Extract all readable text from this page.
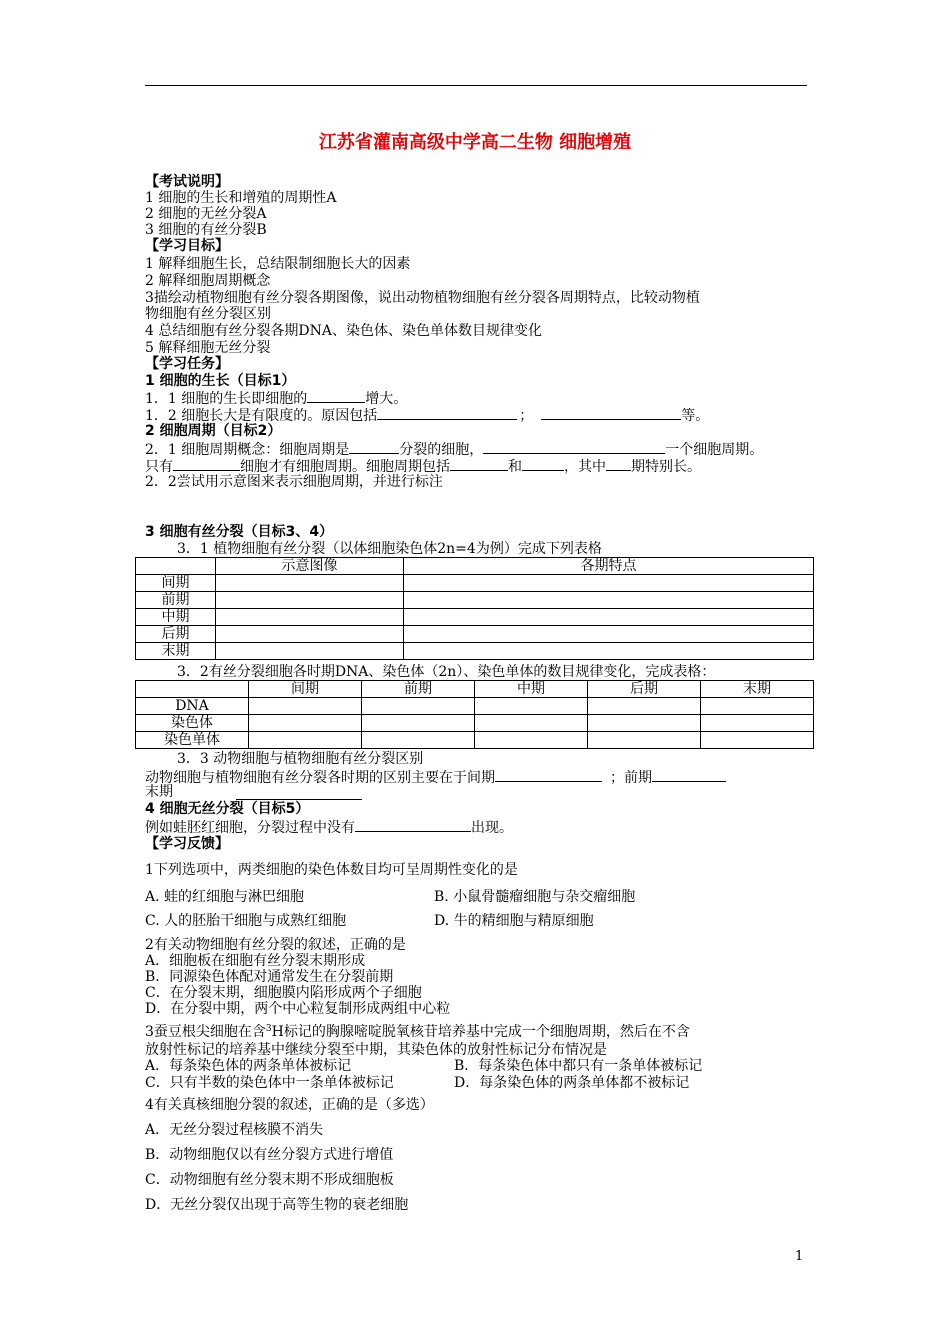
江苏省灌南高级中学高二生物 细胞增殖
【考试说明】
1 细胞的生长和增殖的周期性A
2 细胞的无丝分裂A
3 细胞的有丝分裂B
【学习目标】
1 解释细胞生长，总结限制细胞长大的因素
2 解释细胞周期概念
3描绘动植物细胞有丝分裂各期图像，说出动物植物细胞有丝分裂各周期特点，比较动物植
物细胞有丝分裂区别
4 总结细胞有丝分裂各期DNA、染色体、染色单体数目规律变化
5 解释细胞无丝分裂
【学习任务】
1 细胞的生长（目标1）
1．1 细胞的生长即细胞的	增大。
1．2 细胞长大是有限度的。原因包括	；	等。
2 细胞周期（目标2）
2．1 细胞周期概念：细胞周期是	分裂的细胞，	一个细胞周期。
只有	细胞才有细胞周期。细胞周期包括	和	，其中 期特别长。
2．2尝试用示意图来表示细胞周期，并进行标注
3 细胞有丝分裂（目标3、4）
3．1 植物细胞有丝分裂（以体细胞染色体2n=4为例）完成下列表格
	示意图像	各期特点
间期		
前期		
中期		
后期		
末期		
3．2有丝分裂细胞各时期DNA、染色体（2n）、染色单体的数目规律变化，完成表格：
	间期	前期	中期	后期	末期
DNA					
染色体					
染色单体					
3．3 动物细胞与植物细胞有丝分裂区别
动物细胞与植物细胞有丝分裂各时期的区别主要在于间期	；前期
末期
4 细胞无丝分裂（目标5）
例如蛙胚红细胞，分裂过程中没有	出现。
【学习反馈】
1下列选项中，两类细胞的染色体数目均可呈周期性变化的是
A. 蛙的红细胞与淋巴细胞	B. 小鼠骨髓瘤细胞与杂交瘤细胞
C. 人的胚胎干细胞与成熟红细胞	D. 牛的精细胞与精原细胞
2有关动物细胞有丝分裂的叙述，正确的是
A．细胞板在细胞有丝分裂末期形成
B．同源染色体配对通常发生在分裂前期
C．在分裂末期，细胞膜内陷形成两个子细胞
D．在分裂中期，两个中心粒复制形成两组中心粒
3蚕豆根尖细胞在含$^3$H标记的胸腺嘧啶脱氧核苷培养基中完成一个细胞周期，然后在不含
放射性标记的培养基中继续分裂至中期，其染色体的放射性标记分布情况是
A．每条染色体的两条单体被标记	B．每条染色体中都只有一条单体被标记
C．只有半数的染色体中一条单体被标记	D．每条染色体的两条单体都不被标记
4有关真核细胞分裂的叙述，正确的是（多选）
A．无丝分裂过程核膜不消失
B．动物细胞仅以有丝分裂方式进行增值
C．动物细胞有丝分裂末期不形成细胞板
D．无丝分裂仅出现于高等生物的衰老细胞
1
